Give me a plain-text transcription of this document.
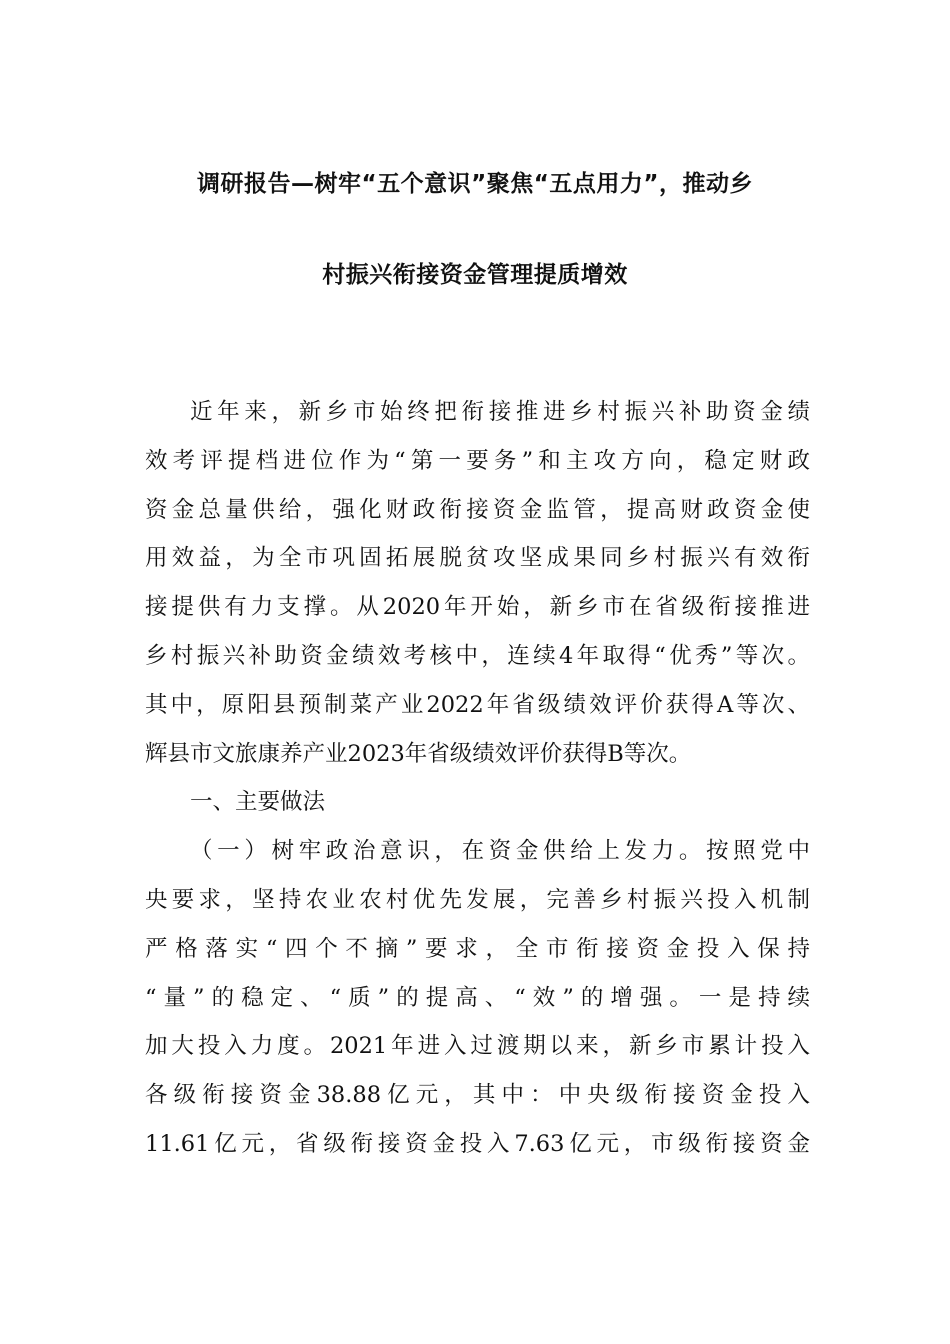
调研报告—树牢“五个意识”聚焦“五点用力”，推动乡
村振兴衔接资金管理提质增效
近年来，新乡市始终把衔接推进乡村振兴补助资金绩
效考评提档进位作为“第一要务”和主攻方向，稳定财政
资金总量供给，强化财政衔接资金监管，提高财政资金使
用效益，为全市巩固拓展脱贫攻坚成果同乡村振兴有效衔
接提供有力支撑。从2020年开始，新乡市在省级衔接推进
乡村振兴补助资金绩效考核中，连续4年取得“优秀”等次。
其中，原阳县预制菜产业2022年省级绩效评价获得A等次、
辉县市文旅康养产业2023年省级绩效评价获得B等次。
一、主要做法
（一）树牢政治意识，在资金供给上发力。按照党中
央要求，坚持农业农村优先发展，完善乡村振兴投入机制
严格落实“四个不摘”要求，全市衔接资金投入保持
“量”的稳定、“质”的提高、“效”的增强。一是持续
加大投入力度。2021年进入过渡期以来，新乡市累计投入
各级衔接资金38.88亿元，其中：中央级衔接资金投入
11.61亿元，省级衔接资金投入7.63亿元，市级衔接资金
